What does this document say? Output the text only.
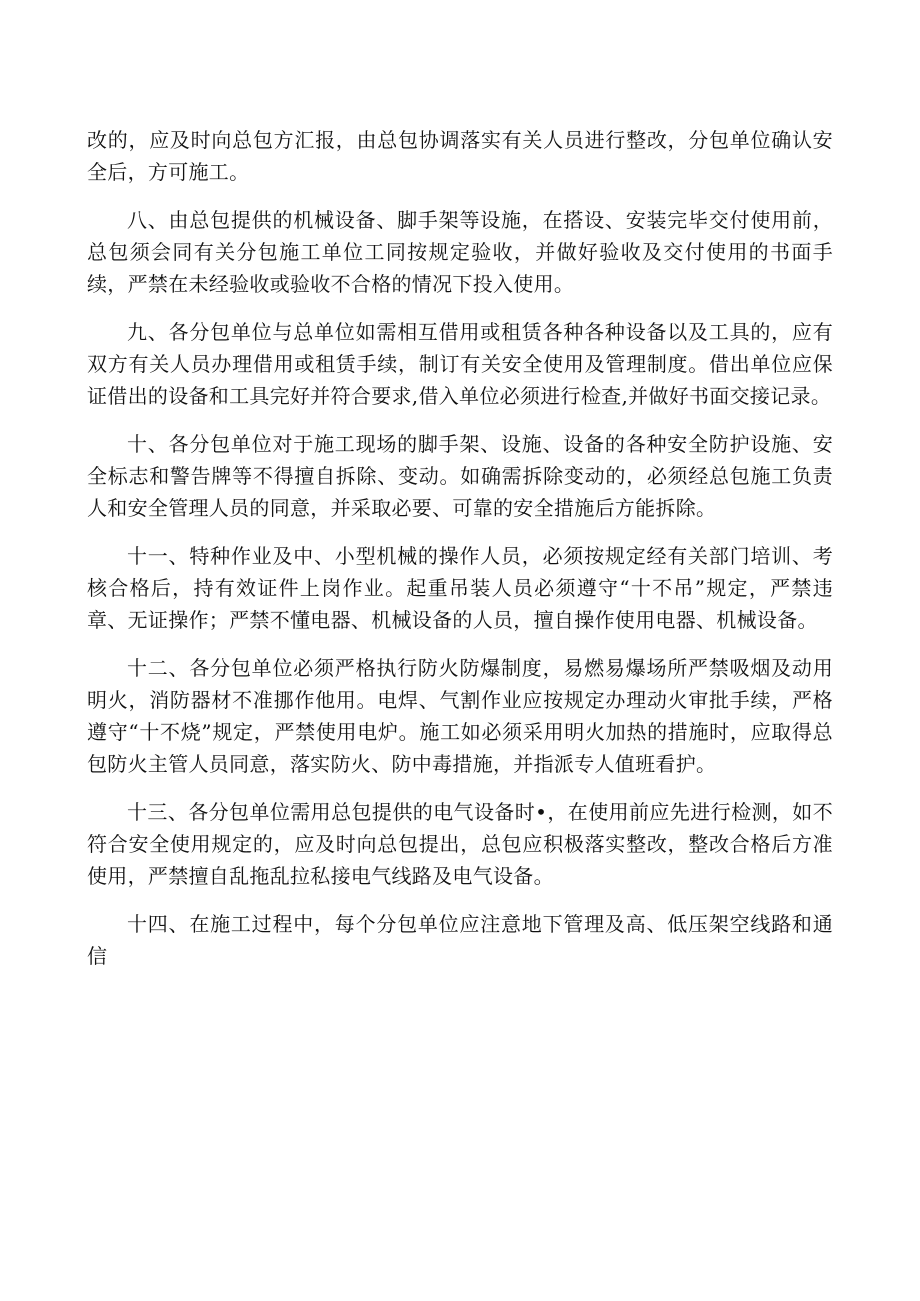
改的，应及时向总包方汇报，由总包协调落实有关人员进行整改，分包单位确认安全后，方可施工。

八、由总包提供的机械设备、脚手架等设施，在搭设、安装完毕交付使用前，总包须会同有关分包施工单位工同按规定验收，并做好验收及交付使用的书面手续，严禁在未经验收或验收不合格的情况下投入使用。

九、各分包单位与总单位如需相互借用或租赁各种各种设备以及工具的，应有双方有关人员办理借用或租赁手续，制订有关安全使用及管理制度。借出单位应保证借出的设备和工具完好并符合要求,借入单位必须进行检查,并做好书面交接记录。

十、各分包单位对于施工现场的脚手架、设施、设备的各种安全防护设施、安全标志和警告牌等不得擅自拆除、变动。如确需拆除变动的，必须经总包施工负责人和安全管理人员的同意，并采取必要、可靠的安全措施后方能拆除。

十一、特种作业及中、小型机械的操作人员，必须按规定经有关部门培训、考核合格后，持有效证件上岗作业。起重吊装人员必须遵守“十不吊”规定，严禁违章、无证操作；严禁不懂电器、机械设备的人员，擅自操作使用电器、机械设备。

十二、各分包单位必须严格执行防火防爆制度，易燃易爆场所严禁吸烟及动用明火，消防器材不准挪作他用。电焊、气割作业应按规定办理动火审批手续，严格遵守“十不烧”规定，严禁使用电炉。施工如必须采用明火加热的措施时，应取得总包防火主管人员同意，落实防火、防中毒措施，并指派专人值班看护。

十三、各分包单位需用总包提供的电气设备时•，在使用前应先进行检测，如不符合安全使用规定的，应及时向总包提出，总包应积极落实整改，整改合格后方准使用，严禁擅自乱拖乱拉私接电气线路及电气设备。

十四、在施工过程中，每个分包单位应注意地下管理及高、低压架空线路和通信
